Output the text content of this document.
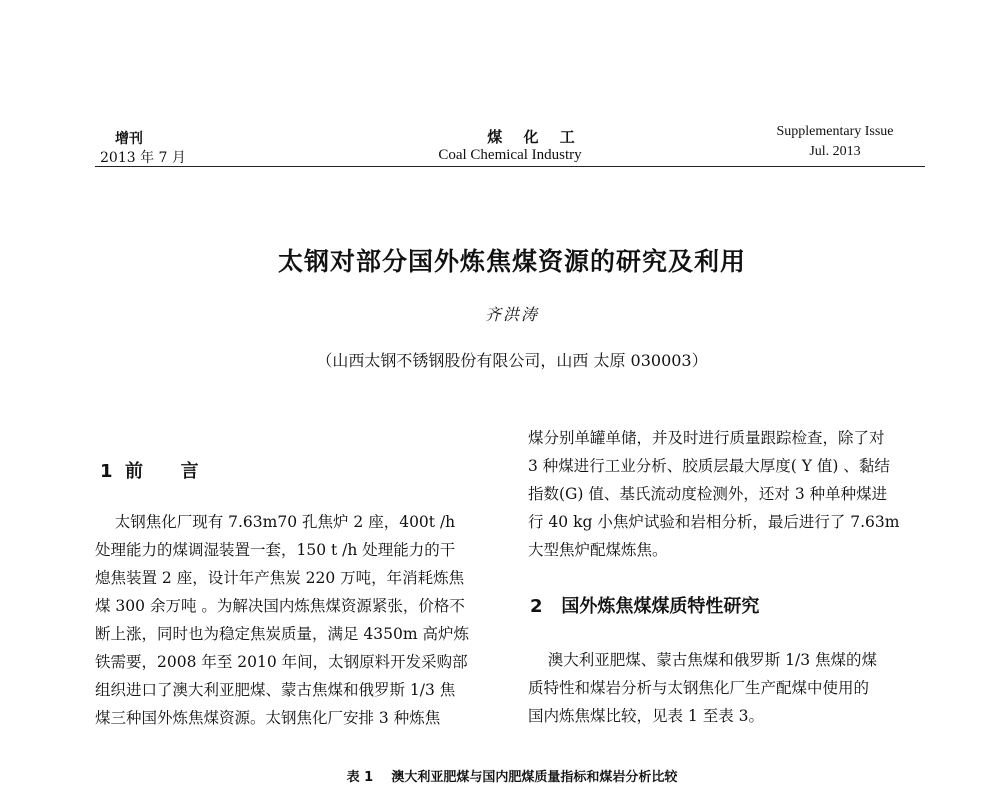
增刊
2013 年 7 月
煤 化 工
Coal Chemical Industry
Supplementary Issue
Jul. 2013
太钢对部分国外炼焦煤资源的研究及利用
齐洪涛
（山西太钢不锈钢股份有限公司，山西 太原 030003）
1  前      言
太钢焦化厂现有 7.63m70 孔焦炉 2 座，400t /h
处理能力的煤调湿装置一套，150 t /h 处理能力的干
熄焦装置 2 座，设计年产焦炭 220 万吨，年消耗炼焦
煤 300 余万吨 。为解决国内炼焦煤资源紧张，价格不
断上涨，同时也为稳定焦炭质量，满足 4350m 高炉炼
铁需要，2008 年至 2010 年间，太钢原料开发采购部
组织进口了澳大利亚肥煤、蒙古焦煤和俄罗斯 1/3 焦
煤三种国外炼焦煤资源。太钢焦化厂安排 3 种炼焦
煤分别单罐单储，并及时进行质量跟踪检查，除了对
3 种煤进行工业分析、胶质层最大厚度( Y 值) 、黏结
指数(G) 值、基氏流动度检测外，还对 3 种单种煤进
行 40 kg 小焦炉试验和岩相分析，最后进行了 7.63m
大型焦炉配煤炼焦。
2   国外炼焦煤煤质特性研究
澳大利亚肥煤、蒙古焦煤和俄罗斯 1/3 焦煤的煤
质特性和煤岩分析与太钢焦化厂生产配煤中使用的
国内炼焦煤比较，见表 1 至表 3。
表 1    澳大利亚肥煤与国内肥煤质量指标和煤岩分析比较
